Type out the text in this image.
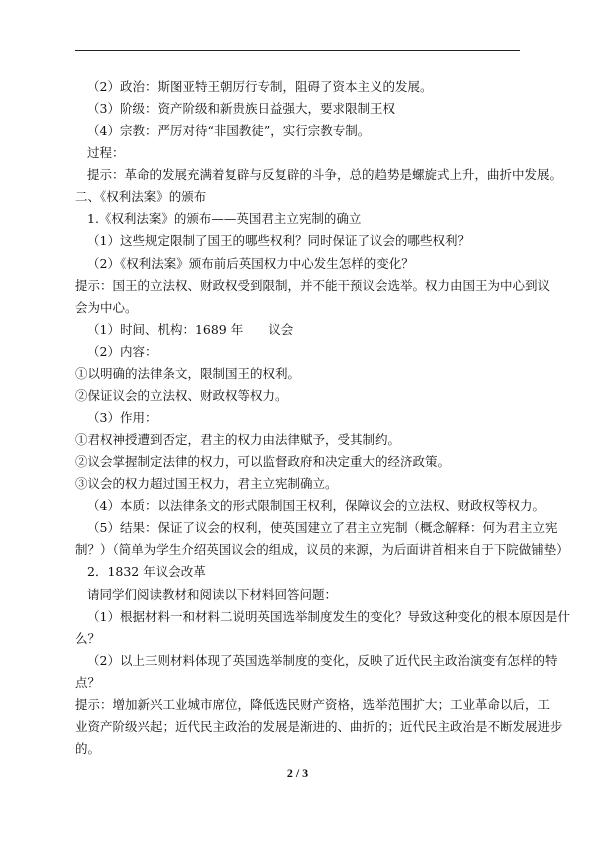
（2）政治：斯图亚特王朝厉行专制，阻碍了资本主义的发展。
（3）阶级：资产阶级和新贵族日益强大，要求限制王权
（4）宗教：严厉对待“非国教徒”，实行宗教专制。
过程：
提示：革命的发展充满着复辟与反复辟的斗争，总的趋势是螺旋式上升，曲折中发展。
二、《权利法案》的颁布
1.《权利法案》的颁布——英国君主立宪制的确立
（1）这些规定限制了国王的哪些权利？同时保证了议会的哪些权利？
（2）《权利法案》颁布前后英国权力中心发生怎样的变化？
提示：国王的立法权、财政权受到限制，并不能干预议会选举。权力由国王为中心到议
会为中心。
（1）时间、机构：1689 年　　议会
（2）内容：
①以明确的法律条文，限制国王的权利。
②保证议会的立法权、财政权等权力。
（3）作用：
①君权神授遭到否定，君主的权力由法律赋予，受其制约。
②议会掌握制定法律的权力，可以监督政府和决定重大的经济政策。
③议会的权力超过国王权力，君主立宪制确立。
（4）本质：以法律条文的形式限制国王权利，保障议会的立法权、财政权等权力。
（5）结果：保证了议会的权利，使英国建立了君主立宪制（概念解释：何为君主立宪
制？）（简单为学生介绍英国议会的组成，议员的来源，为后面讲首相来自于下院做铺垫）
2．1832 年议会改革
请同学们阅读教材和阅读以下材料回答问题：
（1）根据材料一和材料二说明英国选举制度发生的变化？导致这种变化的根本原因是什
么？
（2）以上三则材料体现了英国选举制度的变化，反映了近代民主政治演变有怎样的特
点？
提示：增加新兴工业城市席位，降低选民财产资格，选举范围扩大；工业革命以后，工
业资产阶级兴起；近代民主政治的发展是渐进的、曲折的；近代民主政治是不断发展进步
的。
2 / 3
